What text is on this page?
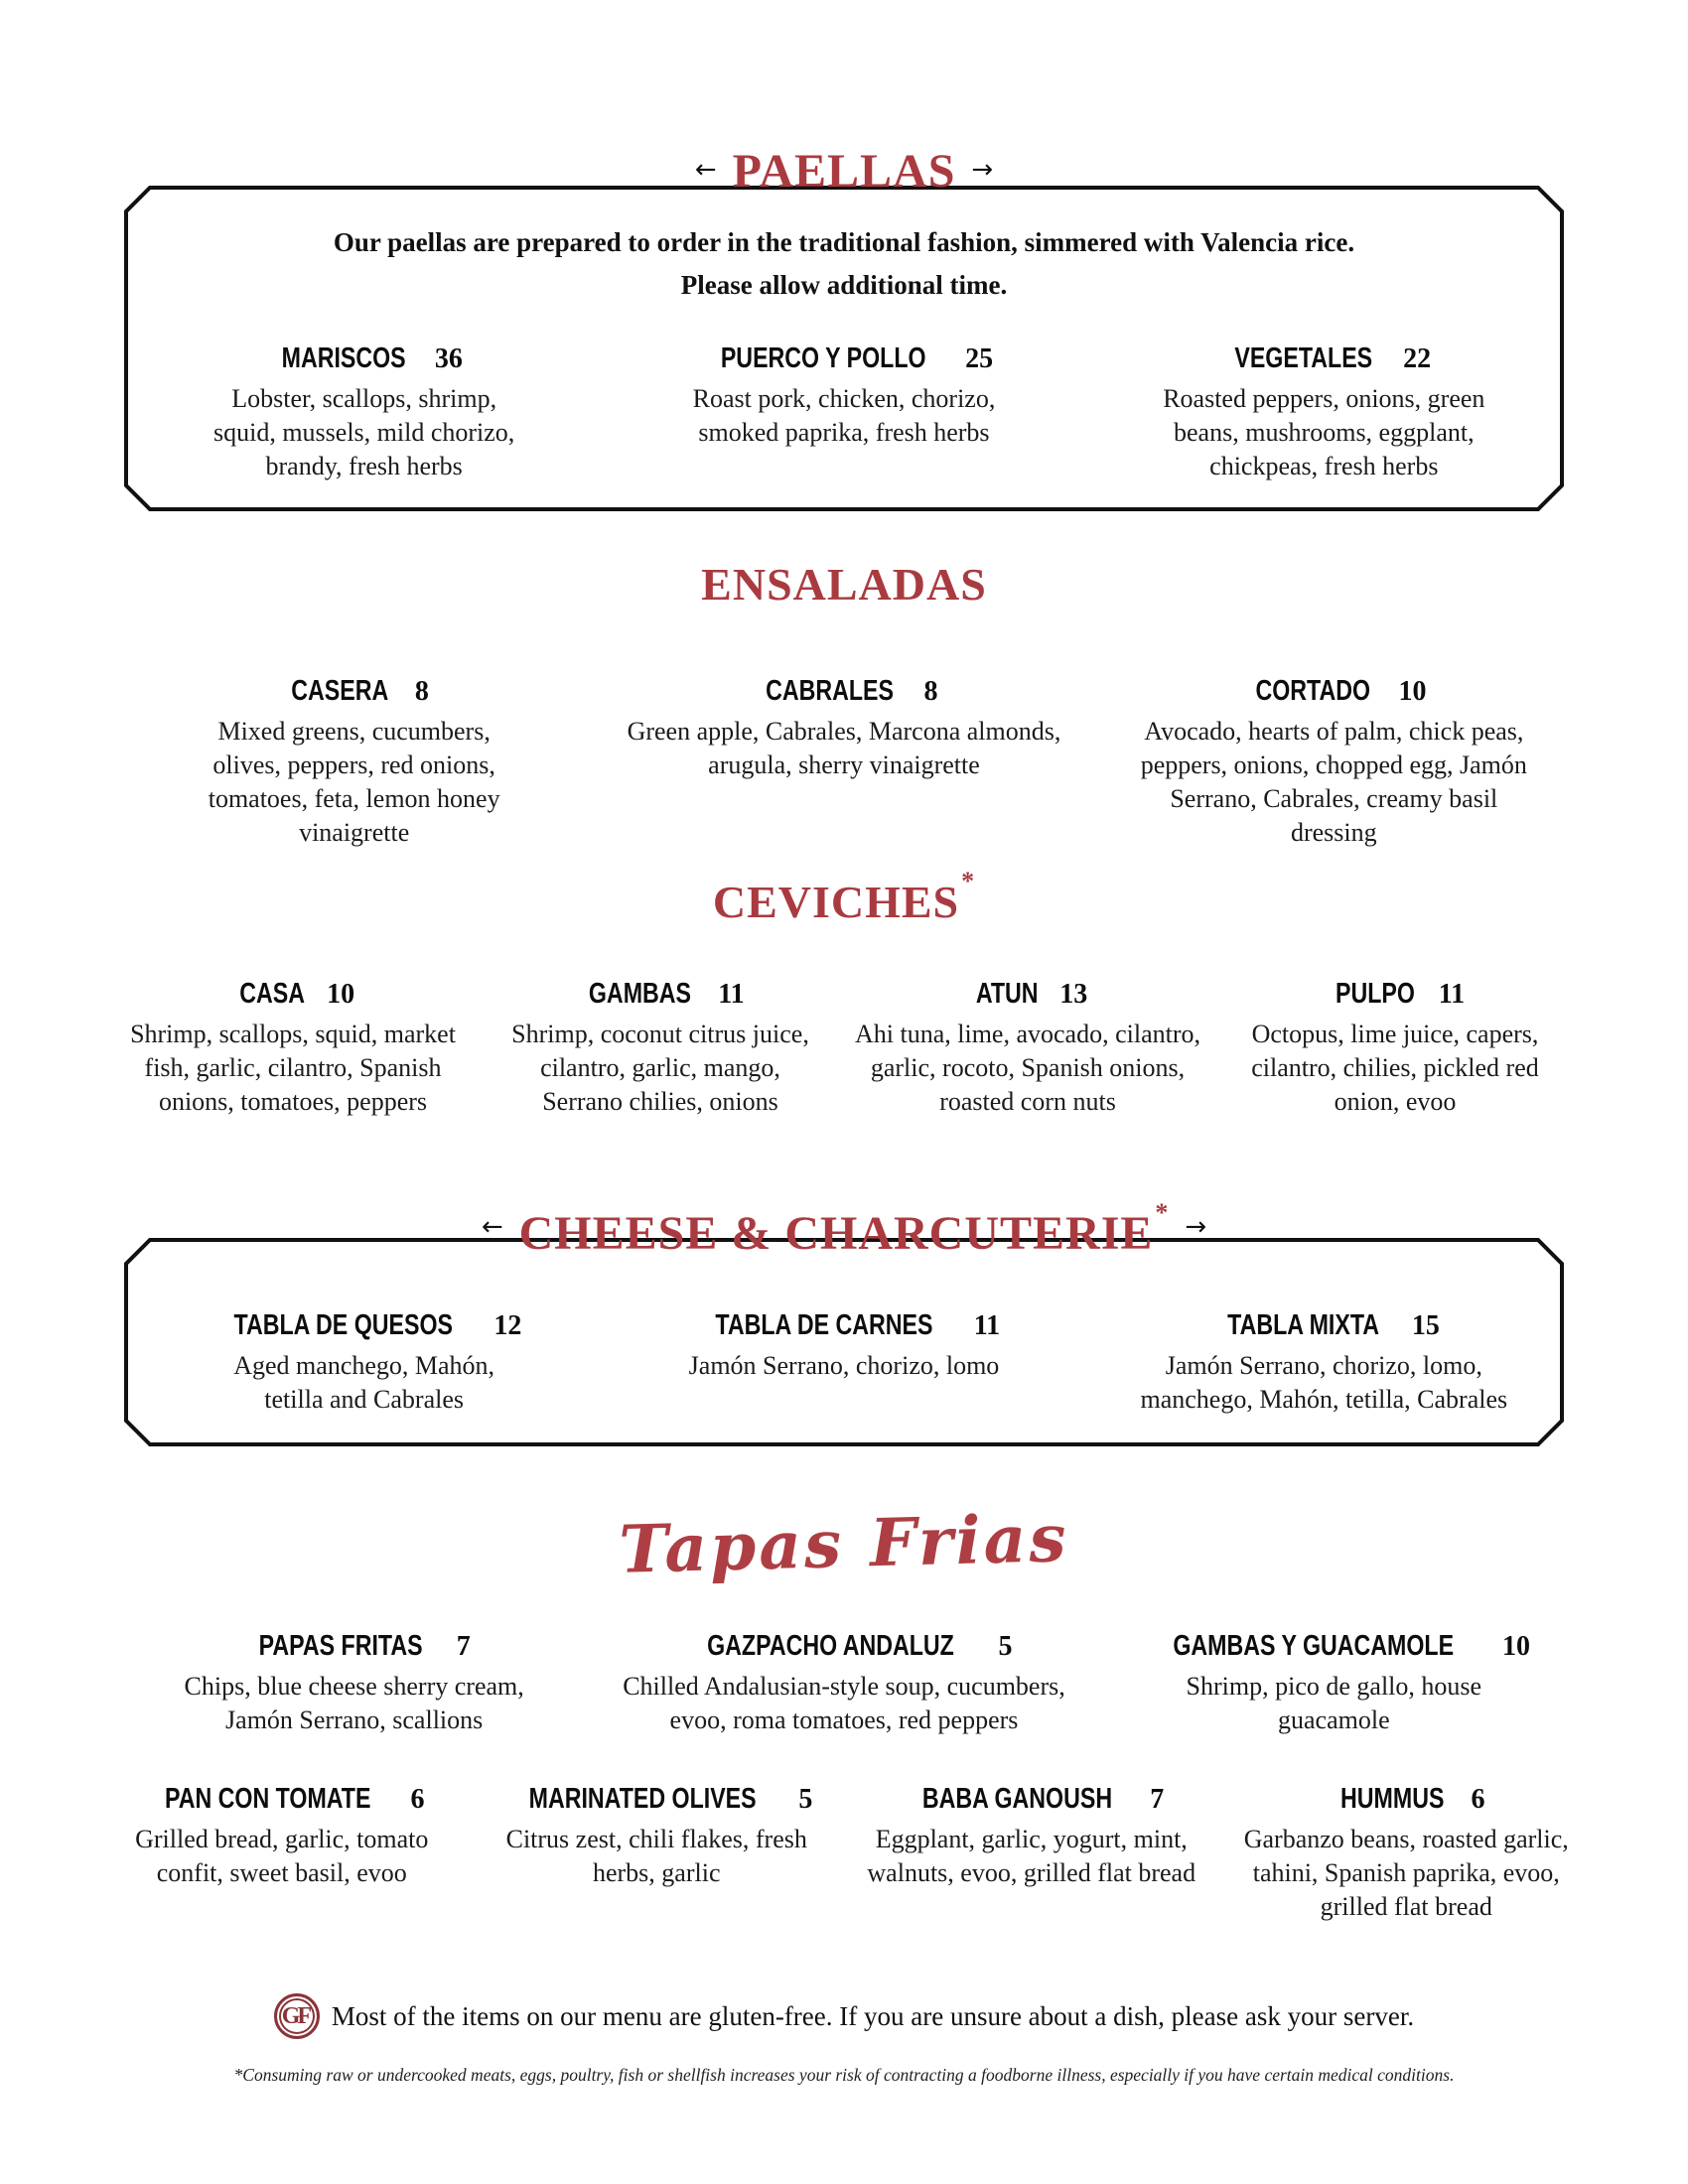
← PAELLAS →
Our paellas are prepared to order in the traditional fashion, simmered with Valencia rice.
Please allow additional time.
MARISCOS 36
Lobster, scallops, shrimp, squid, mussels, mild chorizo, brandy, fresh herbs
PUERCO Y POLLO 25
Roast pork, chicken, chorizo, smoked paprika, fresh herbs
VEGETALES 22
Roasted peppers, onions, green beans, mushrooms, eggplant, chickpeas, fresh herbs
ENSALADAS
CASERA 8
Mixed greens, cucumbers, olives, peppers, red onions, tomatoes, feta, lemon honey vinaigrette
CABRALES 8
Green apple, Cabrales, Marcona almonds, arugula, sherry vinaigrette
CORTADO 10
Avocado, hearts of palm, chick peas, peppers, onions, chopped egg, Jamón Serrano, Cabrales, creamy basil dressing
CEVICHES*
CASA 10
Shrimp, scallops, squid, market fish, garlic, cilantro, Spanish onions, tomatoes, peppers
GAMBAS 11
Shrimp, coconut citrus juice, cilantro, garlic, mango, Serrano chilies, onions
ATUN 13
Ahi tuna, lime, avocado, cilantro, garlic, rocoto, Spanish onions, roasted corn nuts
PULPO 11
Octopus, lime juice, capers, cilantro, chilies, pickled red onion, evoo
← CHEESE & CHARCUTERIE* →
TABLA DE QUESOS 12
Aged manchego, Mahón, tetilla and Cabrales
TABLA DE CARNES 11
Jamón Serrano, chorizo, lomo
TABLA MIXTA 15
Jamón Serrano, chorizo, lomo, manchego, Mahón, tetilla, Cabrales
Tapas Frias
PAPAS FRITAS 7
Chips, blue cheese sherry cream, Jamón Serrano, scallions
GAZPACHO ANDALUZ 5
Chilled Andalusian-style soup, cucumbers, evoo, roma tomatoes, red peppers
GAMBAS Y GUACAMOLE 10
Shrimp, pico de gallo, house guacamole
PAN CON TOMATE 6
Grilled bread, garlic, tomato confit, sweet basil, evoo
MARINATED OLIVES 5
Citrus zest, chili flakes, fresh herbs, garlic
BABA GANOUSH 7
Eggplant, garlic, yogurt, mint, walnuts, evoo, grilled flat bread
HUMMUS 6
Garbanzo beans, roasted garlic, tahini, Spanish paprika, evoo, grilled flat bread
GF Most of the items on our menu are gluten-free. If you are unsure about a dish, please ask your server.
*Consuming raw or undercooked meats, eggs, poultry, fish or shellfish increases your risk of contracting a foodborne illness, especially if you have certain medical conditions.
